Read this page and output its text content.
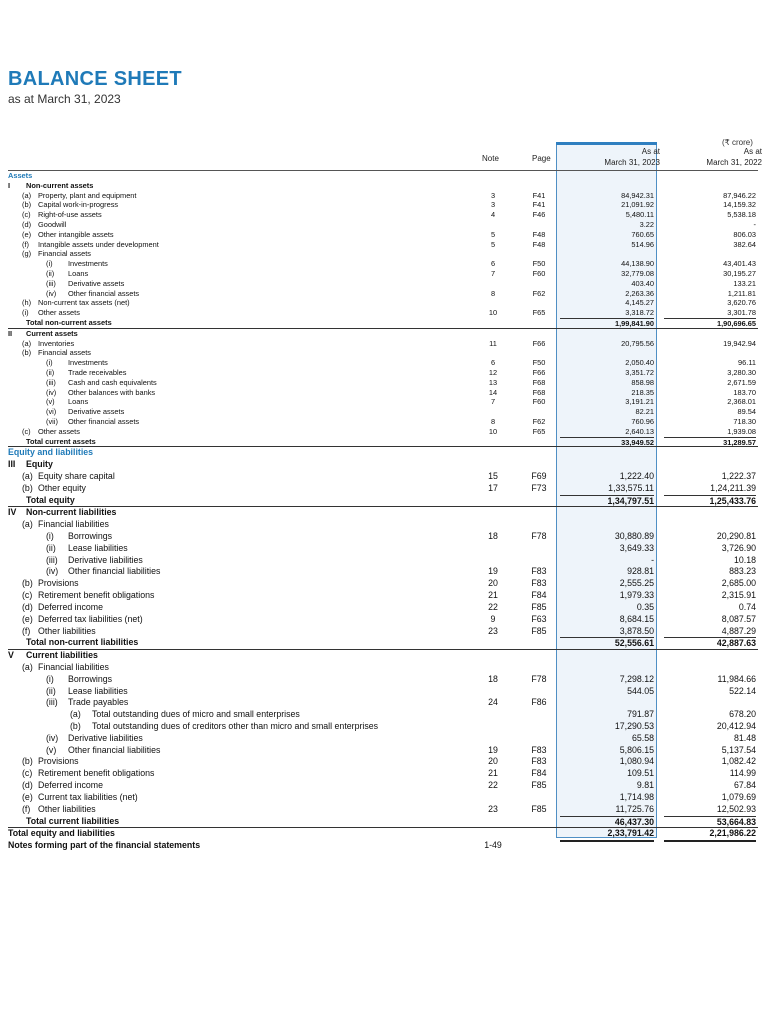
BALANCE SHEET
as at March 31, 2023
(₹ crore)
Note	Page
As at
March 31, 2023
As at
March 31, 2022
Assets
I Non-current assets
(a) Property, plant and equipment	3	F41	84,942.31	87,946.22
(b) Capital work-in-progress	3	F41	21,091.92	14,159.32
(c) Right-of-use assets	4	F46	5,480.11	5,538.18
(d) Goodwill	3.22	-
(e) Other intangible assets	5	F48	760.65	806.03
(f) Intangible assets under development	5	F48	514.96	382.64
(g) Financial assets
(i) Investments	6	F50	44,138.90	43,401.43
(ii) Loans	7	F60	32,779.08	30,195.27
(iii) Derivative assets	403.40	133.21
(iv) Other financial assets	8	F62	2,263.36	1,211.81
(h) Non-current tax assets (net)	4,145.27	3,620.76
(i) Other assets	10	F65	3,318.72	3,301.78
Total non-current assets	1,99,841.90	1,90,696.65
II Current assets
(a) Inventories	11	F66	20,795.56	19,942.94
(b) Financial assets
(i) Investments	6	F50	2,050.40	96.11
(ii) Trade receivables	12	F66	3,351.72	3,280.30
(iii) Cash and cash equivalents	13	F68	858.98	2,671.59
(iv) Other balances with banks	14	F68	218.35	183.70
(v) Loans	7	F60	3,191.21	2,368.01
(vi) Derivative assets	82.21	89.54
(vii) Other financial assets	8	F62	760.96	718.30
(c) Other assets	10	F65	2,640.13	1,939.08
Total current assets	33,949.52	31,289.57
Equity and liabilities
III Equity
(a) Equity share capital	15	F69	1,222.40	1,222.37
(b) Other equity	17	F73	1,33,575.11	1,24,211.39
Total equity	1,34,797.51	1,25,433.76
IV Non-current liabilities
(a) Financial liabilities
(i) Borrowings	18	F78	30,880.89	20,290.81
(ii) Lease liabilities	3,649.33	3,726.90
(iii) Derivative liabilities	-	10.18
(iv) Other financial liabilities	19	F83	928.81	883.23
(b) Provisions	20	F83	2,555.25	2,685.00
(c) Retirement benefit obligations	21	F84	1,979.33	2,315.91
(d) Deferred income	22	F85	0.35	0.74
(e) Deferred tax liabilities (net)	9	F63	8,684.15	8,087.57
(f) Other liabilities	23	F85	3,878.50	4,887.29
Total non-current liabilities	52,556.61	42,887.63
V Current liabilities
(a) Financial liabilities
(i) Borrowings	18	F78	7,298.12	11,984.66
(ii) Lease liabilities	544.05	522.14
(iii) Trade payables	24	F86
(a) Total outstanding dues of micro and small enterprises	791.87	678.20
(b) Total outstanding dues of creditors other than micro and small enterprises	17,290.53	20,412.94
(iv) Derivative liabilities	65.58	81.48
(v) Other financial liabilities	19	F83	5,806.15	5,137.54
(b) Provisions	20	F83	1,080.94	1,082.42
(c) Retirement benefit obligations	21	F84	109.51	114.99
(d) Deferred income	22	F85	9.81	67.84
(e) Current tax liabilities (net)	1,714.98	1,079.69
(f) Other liabilities	23	F85	11,725.76	12,502.93
Total current liabilities	46,437.30	53,664.83
Total equity and liabilities	2,33,791.42	2,21,986.22
Notes forming part of the financial statements	1-49
